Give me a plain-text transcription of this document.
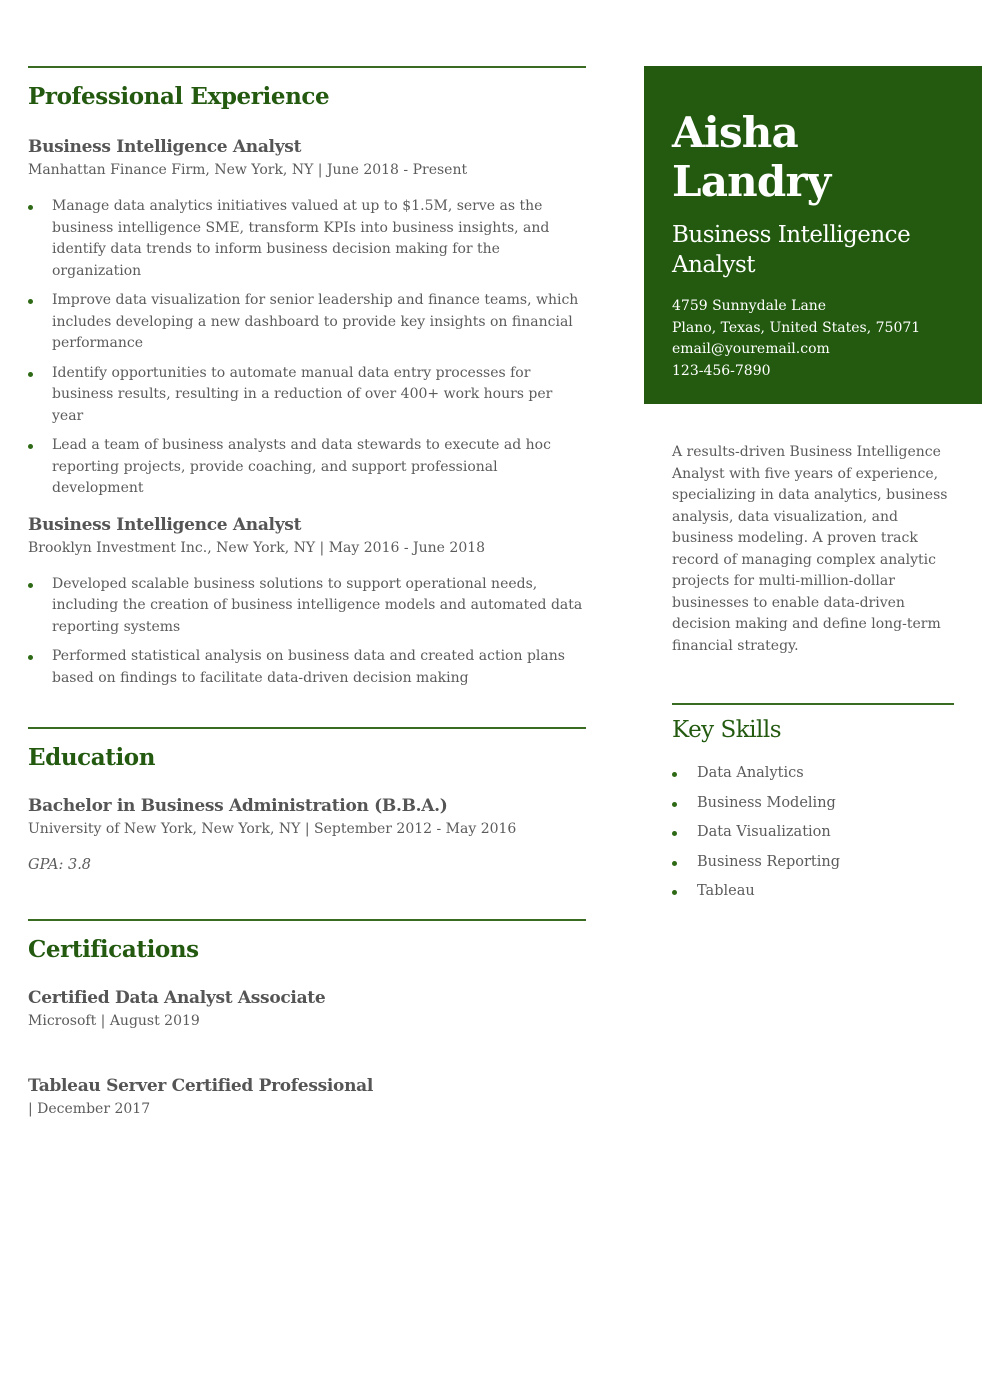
Professional Experience
Business Intelligence Analyst
Manhattan Finance Firm, New York, NY | June 2018 - Present
Manage data analytics initiatives valued at up to $1.5M, serve as the business intelligence SME, transform KPIs into business insights, and identify data trends to inform business decision making for the organization
Improve data visualization for senior leadership and finance teams, which includes developing a new dashboard to provide key insights on financial performance
Identify opportunities to automate manual data entry processes for business results, resulting in a reduction of over 400+ work hours per year
Lead a team of business analysts and data stewards to execute ad hoc reporting projects, provide coaching, and support professional development
Business Intelligence Analyst
Brooklyn Investment Inc., New York, NY | May 2016 - June 2018
Developed scalable business solutions to support operational needs, including the creation of business intelligence models and automated data reporting systems
Performed statistical analysis on business data and created action plans based on findings to facilitate data-driven decision making
Education
Bachelor in Business Administration (B.B.A.)
University of New York, New York, NY | September 2012 - May 2016
GPA: 3.8
Certifications
Certified Data Analyst Associate
Microsoft | August 2019
Tableau Server Certified Professional
| December 2017
Aisha
Landry
Business Intelligence
Analyst
4759 Sunnydale Lane
Plano, Texas, United States, 75071
email@youremail.com
123-456-7890
A results-driven Business Intelligence Analyst with five years of experience, specializing in data analytics, business analysis, data visualization, and business modeling. A proven track record of managing complex analytic projects for multi-million-dollar businesses to enable data-driven decision making and define long-term financial strategy.
Key Skills
Data Analytics
Business Modeling
Data Visualization
Business Reporting
Tableau
